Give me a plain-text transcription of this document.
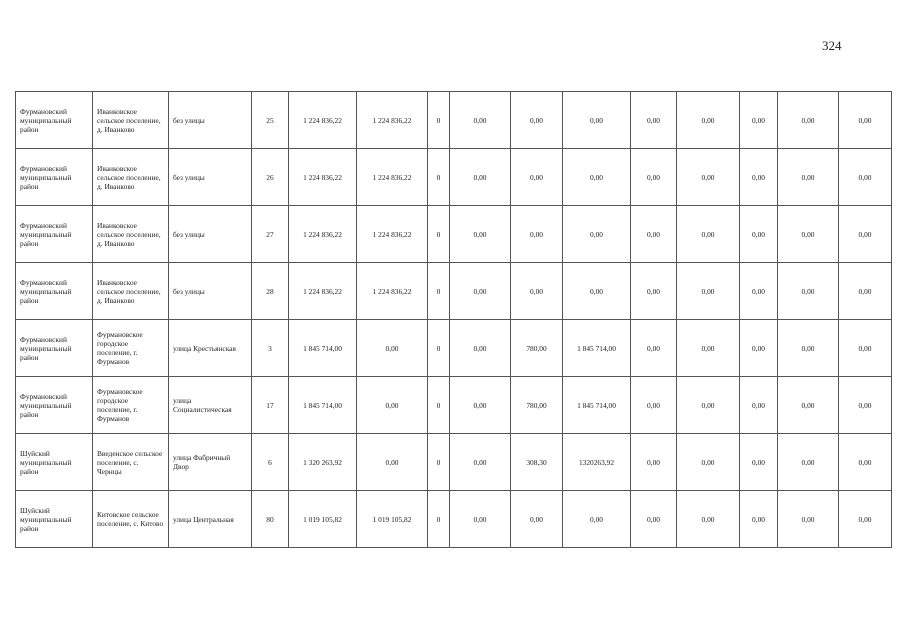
324
Фурмановский муниципальный район	Иванковское сельское поселение, д. Иванково	без улицы	25	1 224 836,22	1 224 836,22	0	0,00	0,00	0,00	0,00	0,00	0,00	0,00	0,00

Фурмановский муниципальный район	Иванковское сельское поселение, д. Иванково	без улицы	26	1 224 836,22	1 224 836,22	0	0,00	0,00	0,00	0,00	0,00	0,00	0,00	0,00

Фурмановский муниципальный район	Иванковское сельское поселение, д. Иванково	без улицы	27	1 224 836,22	1 224 836,22	0	0,00	0,00	0,00	0,00	0,00	0,00	0,00	0,00

Фурмановский муниципальный район	Иванковское сельское поселение, д. Иванково	без улицы	28	1 224 836,22	1 224 836,22	0	0,00	0,00	0,00	0,00	0,00	0,00	0,00	0,00

Фурмановский муниципальный район	Фурмановское городское поселение, г. Фурманов	улица Крестьянская	3	1 845 714,00	0,00	0	0,00	780,00	1 845 714,00	0,00	0,00	0,00	0,00	0,00

Фурмановский муниципальный район	Фурмановское городское поселение, г. Фурманов	улица Социалистическая	17	1 845 714,00	0,00	0	0,00	780,00	1 845 714,00	0,00	0,00	0,00	0,00	0,00

Шуйский муниципальный район	Введенское сельское поселение, с. Чернцы	улица Фабричный Двор	6	1 320 263,92	0,00	0	0,00	308,30	1320263,92	0,00	0,00	0,00	0,00	0,00

Шуйский муниципальный район	Китовское сельское поселение, с. Китово	улица Центральная	80	1 019 105,82	1 019 105,82	0	0,00	0,00	0,00	0,00	0,00	0,00	0,00	0,00
